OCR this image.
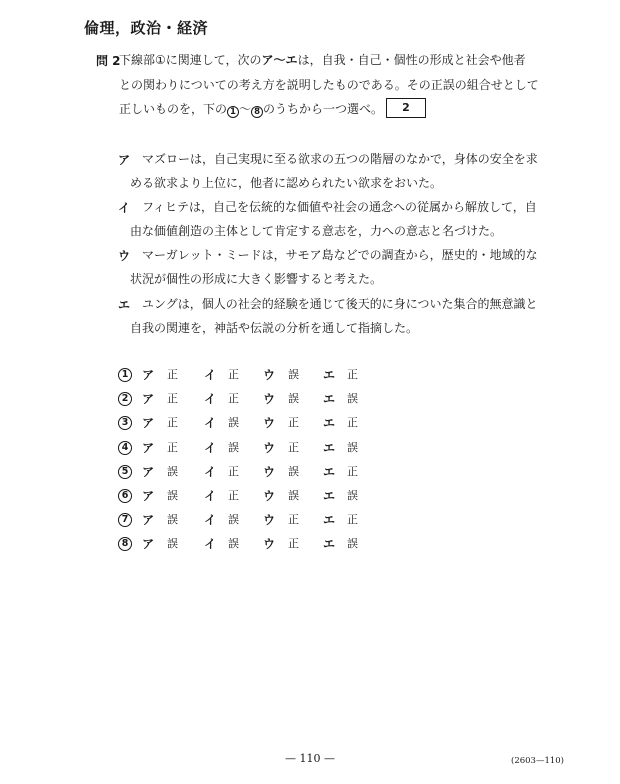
倫理，政治・経済
問 2
下線部①に関連して，次のア〜エは，自我・自己・個性の形成と社会や他者
との関わりについての考え方を説明したものである。その正誤の組合せとして
正しいものを，下の 1 〜 8 のうちから一つ選べ。	2
ア マズローは，自己実現に至る欲求の五つの階層のなかで，身体の安全を求
める欲求より上位に，他者に認められたい欲求をおいた。
イ フィヒテは，自己を伝統的な価値や社会の通念への従属から解放して，自
由な価値創造の主体として肯定する意志を，力への意志と名づけた。
ウ マーガレット・ミードは，サモア島などでの調査から，歴史的・地域的な
状況が個性の形成に大きく影響すると考えた。
エ ユングは，個人の社会的経験を通じて後天的に身についた集合的無意識と
自我の関連を，神話や伝説の分析を通して指摘した。
1	ア 正 イ 正 ウ 誤 エ 正
2	ア 正 イ 正 ウ 誤 エ 誤
3	ア 正 イ 誤 ウ 正 エ 正
4	ア 正 イ 誤 ウ 正 エ 誤
5	ア 誤 イ 正 ウ 誤 エ 正
6	ア 誤 イ 正 ウ 誤 エ 誤
7	ア 誤 イ 誤 ウ 正 エ 正
8	ア 誤 イ 誤 ウ 正 エ 誤
— 110 —	(2603—110)
